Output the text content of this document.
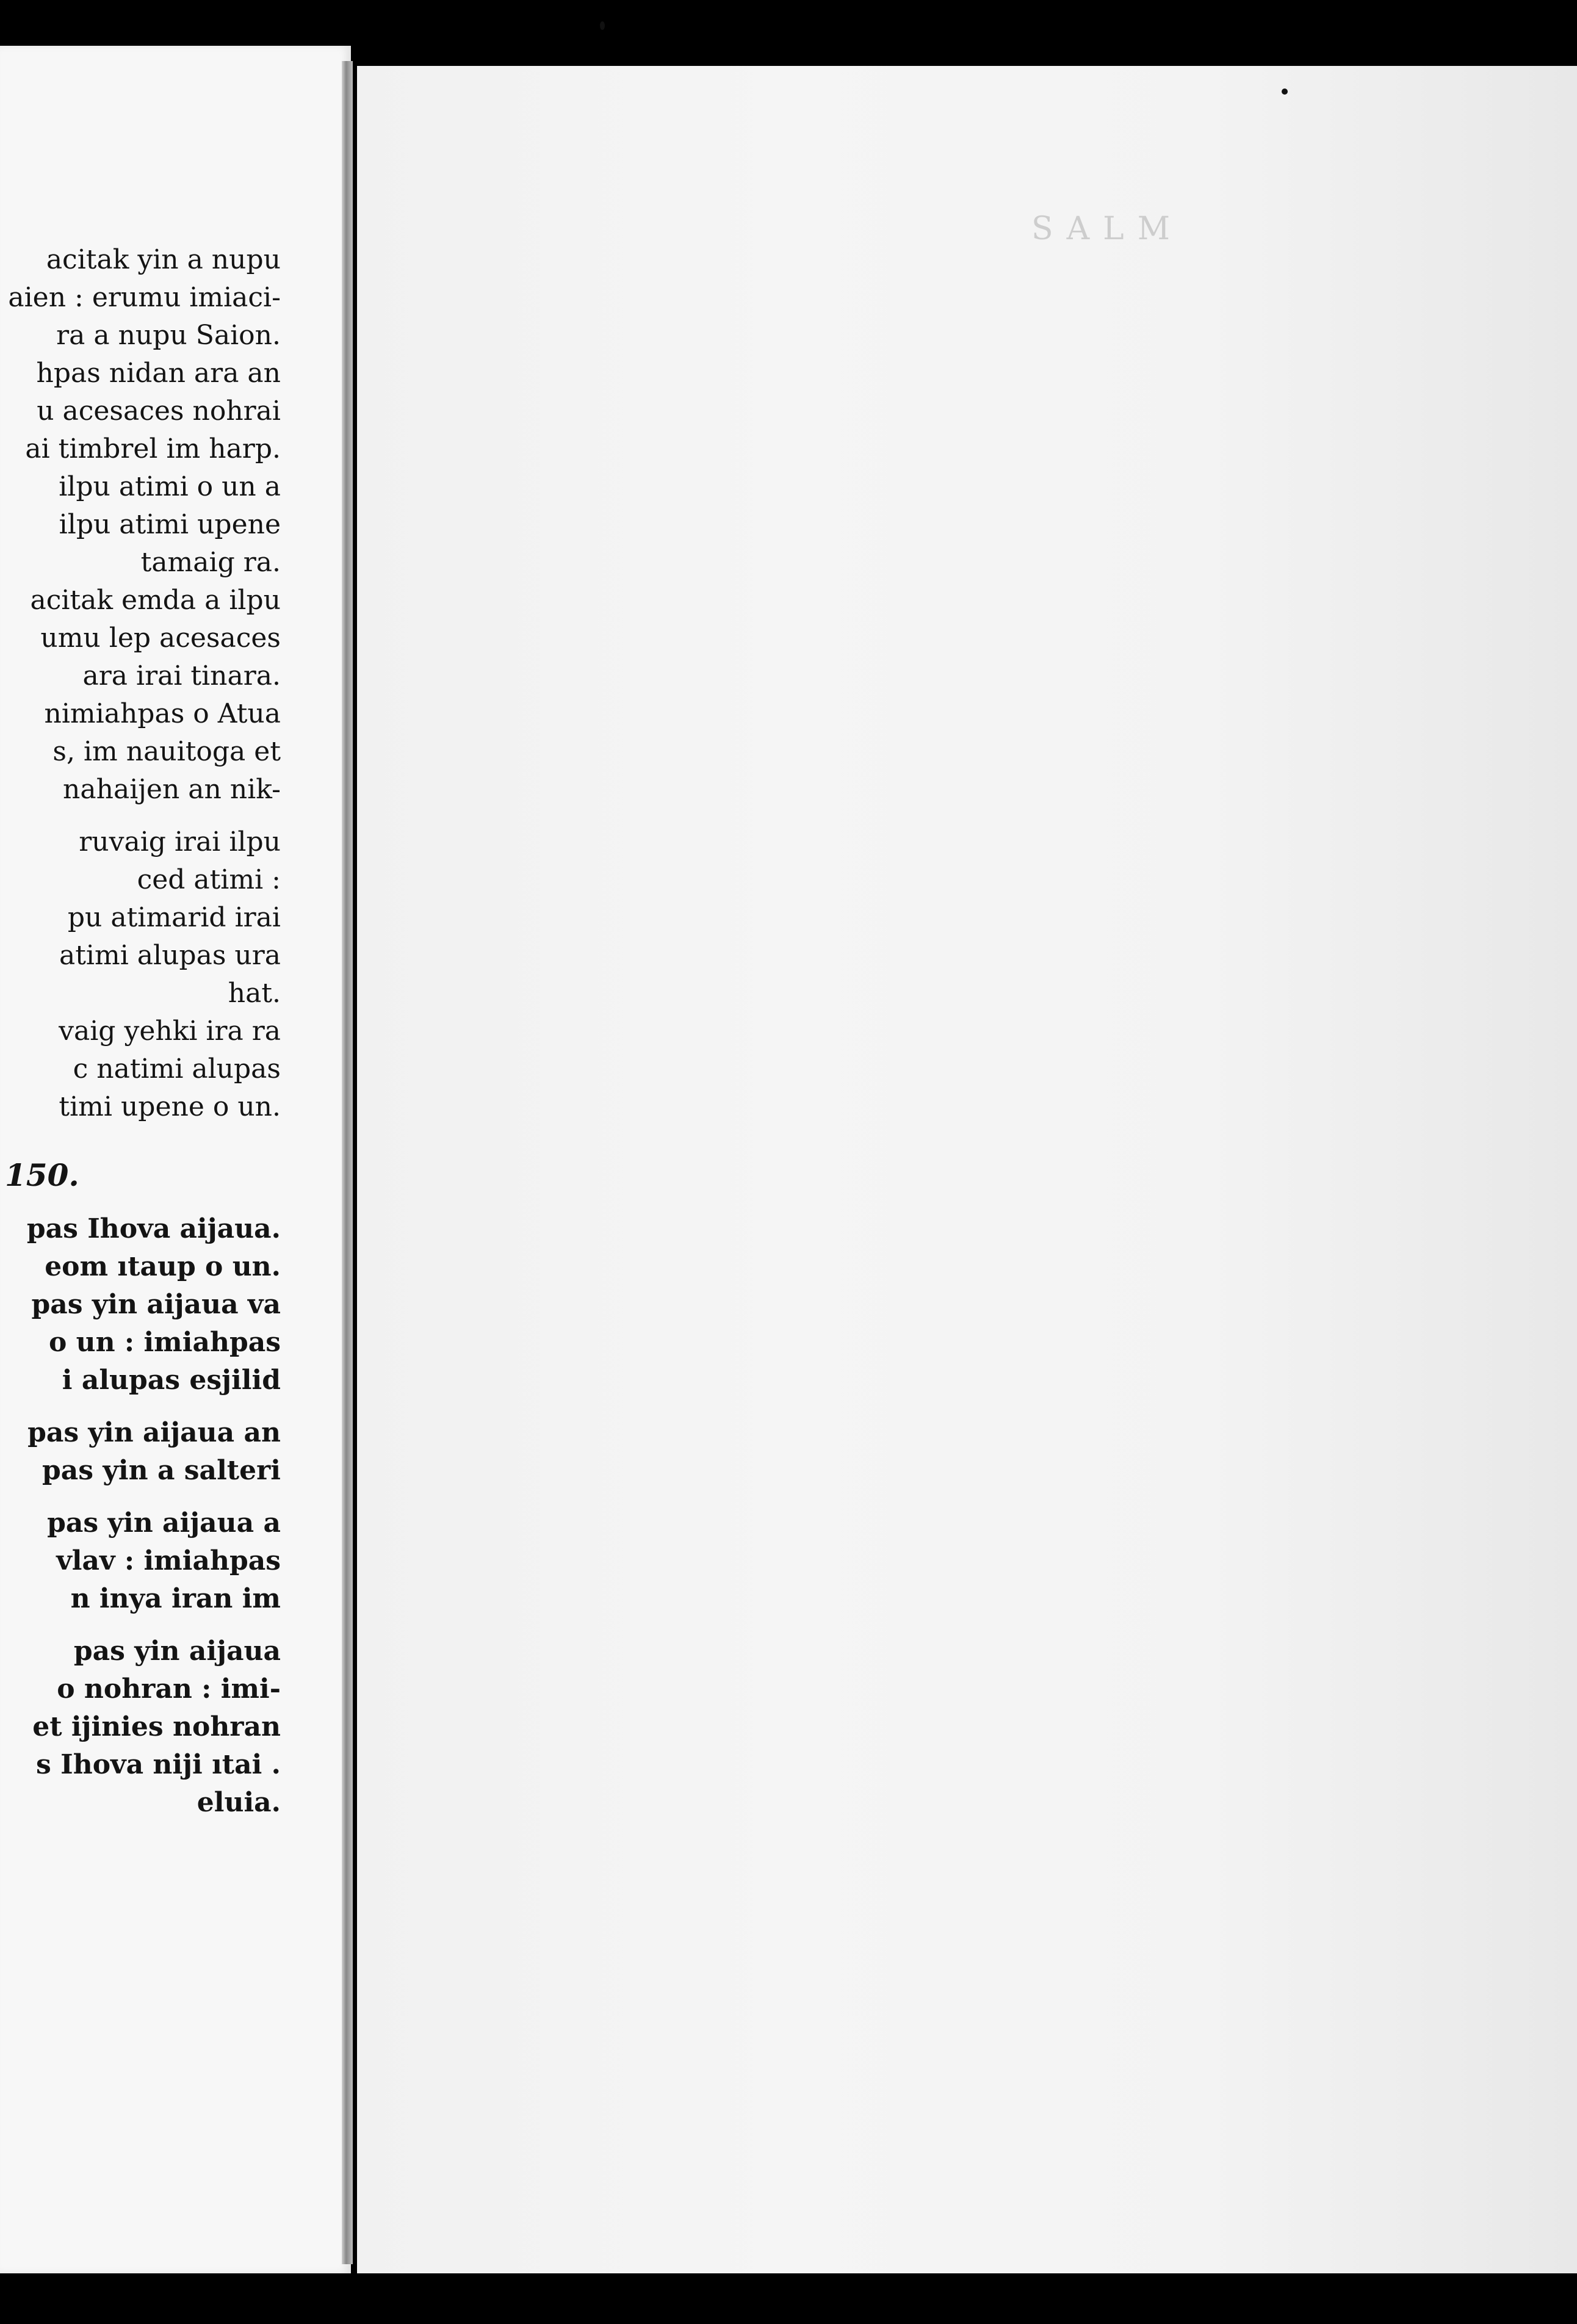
SALM
acitak yin a nupu
aien : erumu imiaci-
ra a nupu Saion.
hpas nidan ara an
u acesaces nohrai
ai timbrel im harp.
ilpu atimi o un a
ilpu atimi upene
tamaig ra.
acitak emda a ilpu
umu lep acesaces
ara irai tinara.
nimiahpas o Atua
s, im nauitoga et
nahaijen an nik-
ruvaig irai ilpu
ced atimi :
pu atimarid irai
atimi alupas ura
hat.
vaig yehki ira ra
c natimi alupas
timi upene o un.
150.
pas Ihova aijaua.
eom ıtaup o un.
pas yin aijaua va
o un : imiahpas
i alupas esjilid
pas yin aijaua an
pas yin a salteri
pas yin aijaua a
vlav : imiahpas
n inya iran im
pas yin aijaua
o nohran : imi-
et ijinies nohran
s Ihova niji ıtai .
eluia.
